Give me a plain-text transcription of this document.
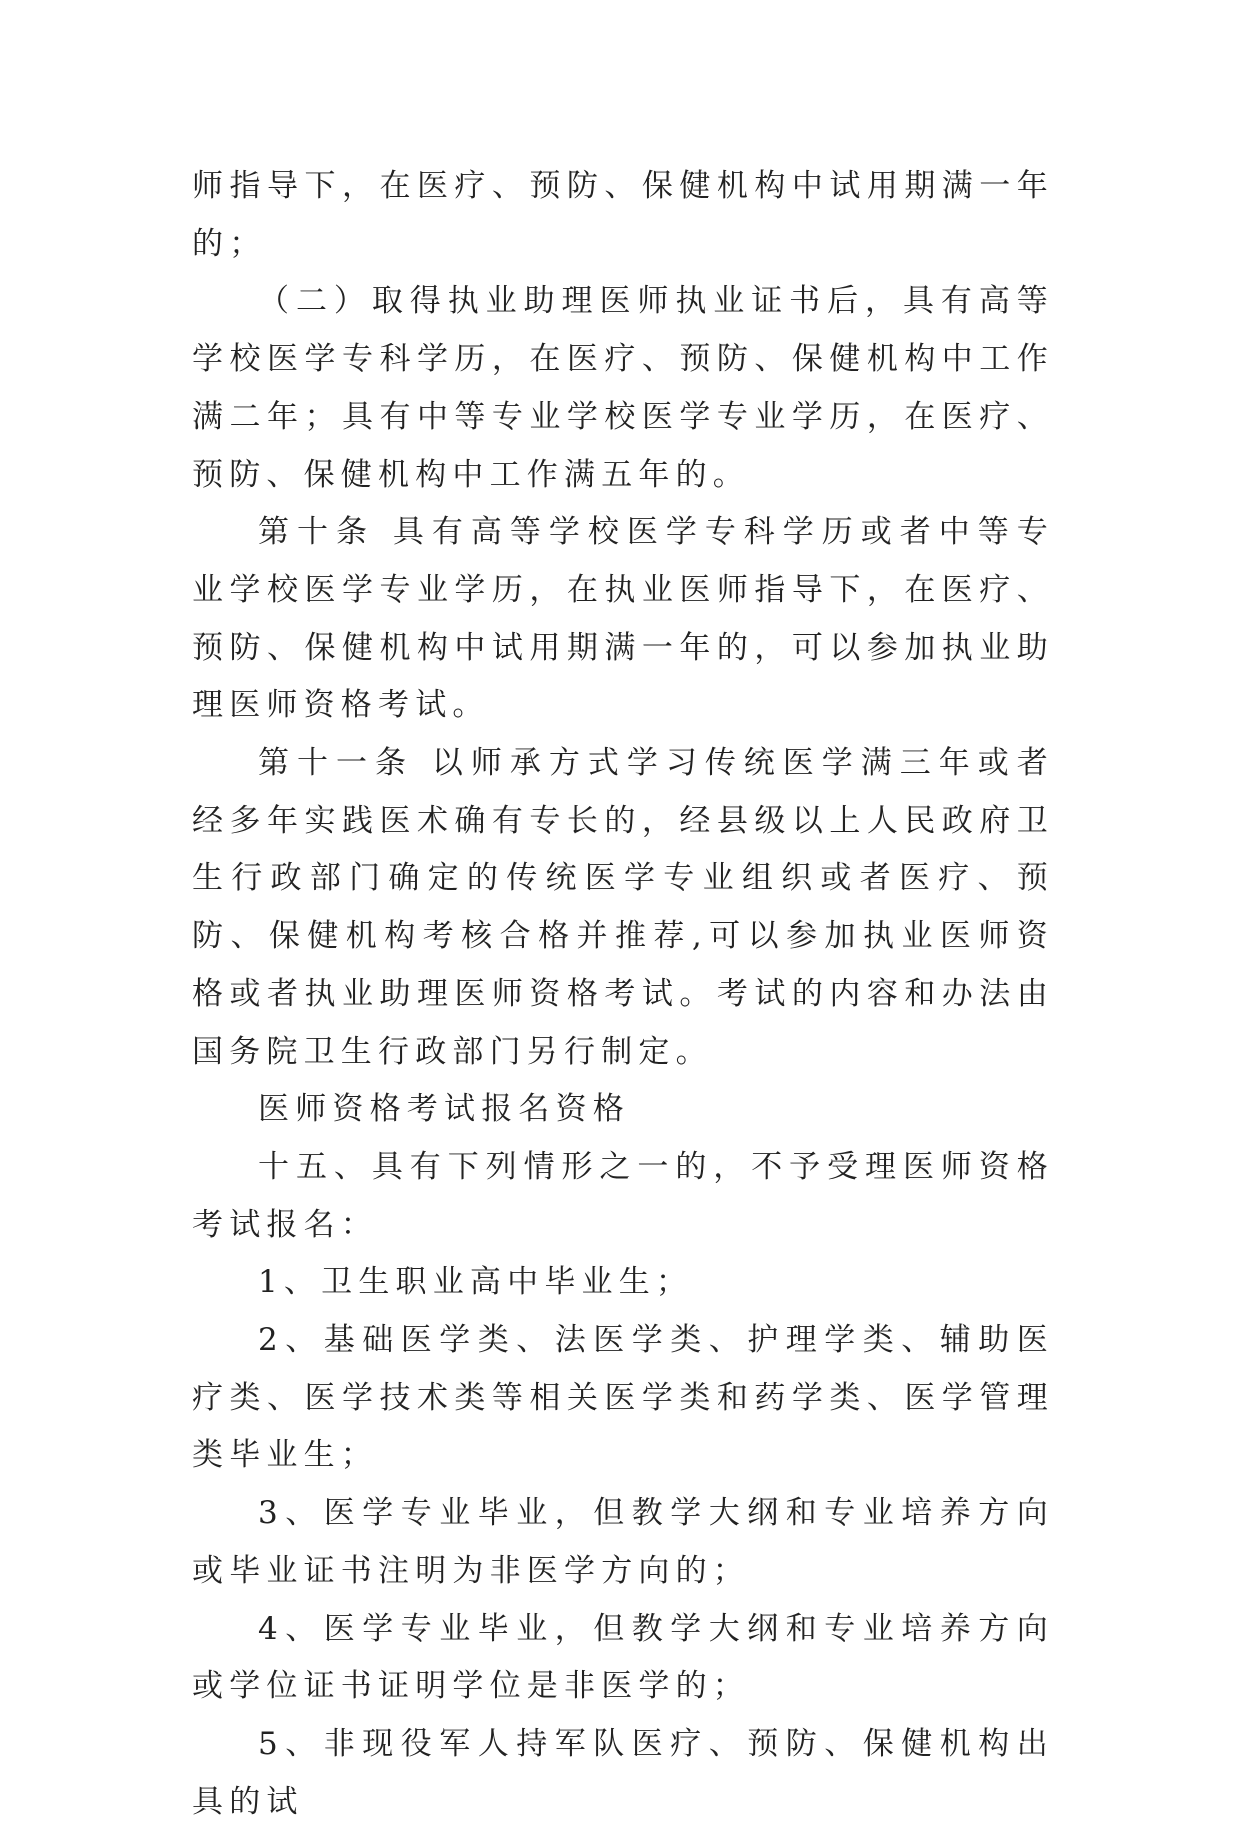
师指导下，在医疗、预防、保健机构中试用期满一年的；

（二）取得执业助理医师执业证书后，具有高等学校医学专科学历，在医疗、预防、保健机构中工作满二年；具有中等专业学校医学专业学历，在医疗、预防、保健机构中工作满五年的。

第十条 具有高等学校医学专科学历或者中等专业学校医学专业学历，在执业医师指导下，在医疗、预防、保健机构中试用期满一年的，可以参加执业助理医师资格考试。

第十一条 以师承方式学习传统医学满三年或者经多年实践医术确有专长的，经县级以上人民政府卫生行政部门确定的传统医学专业组织或者医疗、预防、保健机构考核合格并推荐,可以参加执业医师资格或者执业助理医师资格考试。考试的内容和办法由国务院卫生行政部门另行制定。

医师资格考试报名资格

十五、具有下列情形之一的，不予受理医师资格考试报名：

1、卫生职业高中毕业生；

2、基础医学类、法医学类、护理学类、辅助医疗类、医学技术类等相关医学类和药学类、医学管理类毕业生；

3、医学专业毕业，但教学大纲和专业培养方向或毕业证书注明为非医学方向的；

4、医学专业毕业，但教学大纲和专业培养方向或学位证书证明学位是非医学的；

5、非现役军人持军队医疗、预防、保健机构出具的试
